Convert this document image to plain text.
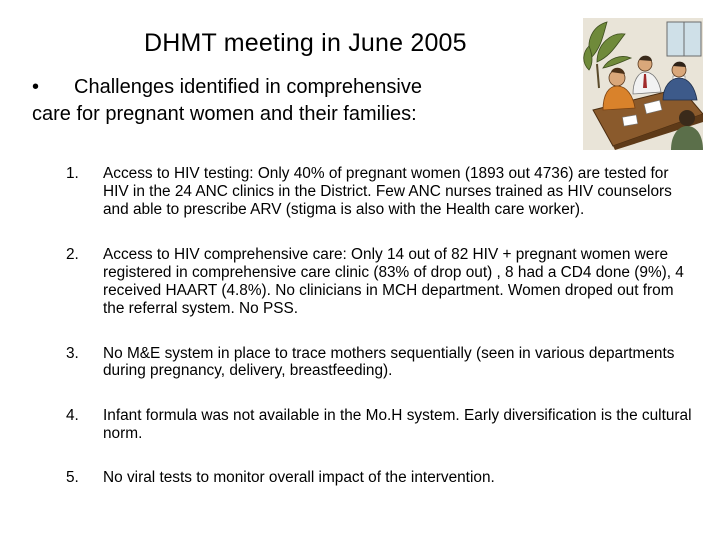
DHMT meeting in June 2005
• Challenges identified in comprehensive
care for pregnant women and their families:
1.	Access to HIV testing: Only 40% of pregnant women (1893 out 4736) are tested for HIV in the 24 ANC clinics in the District. Few ANC nurses trained as HIV counselors and able to prescribe ARV (stigma is also with the Health care worker).
2.	Access to HIV comprehensive care: Only 14 out of 82 HIV + pregnant women were registered in comprehensive care clinic (83% of drop out) , 8 had a CD4 done (9%), 4 received HAART (4.8%). No clinicians in MCH department. Women droped out from the referral system. No PSS.
3.	No M&E system in place to trace mothers sequentially (seen in various departments during pregnancy, delivery, breastfeeding).
4.	Infant formula was not available in the Mo.H system. Early diversification is the cultural norm.
5.	No viral tests to monitor overall impact of the intervention.
